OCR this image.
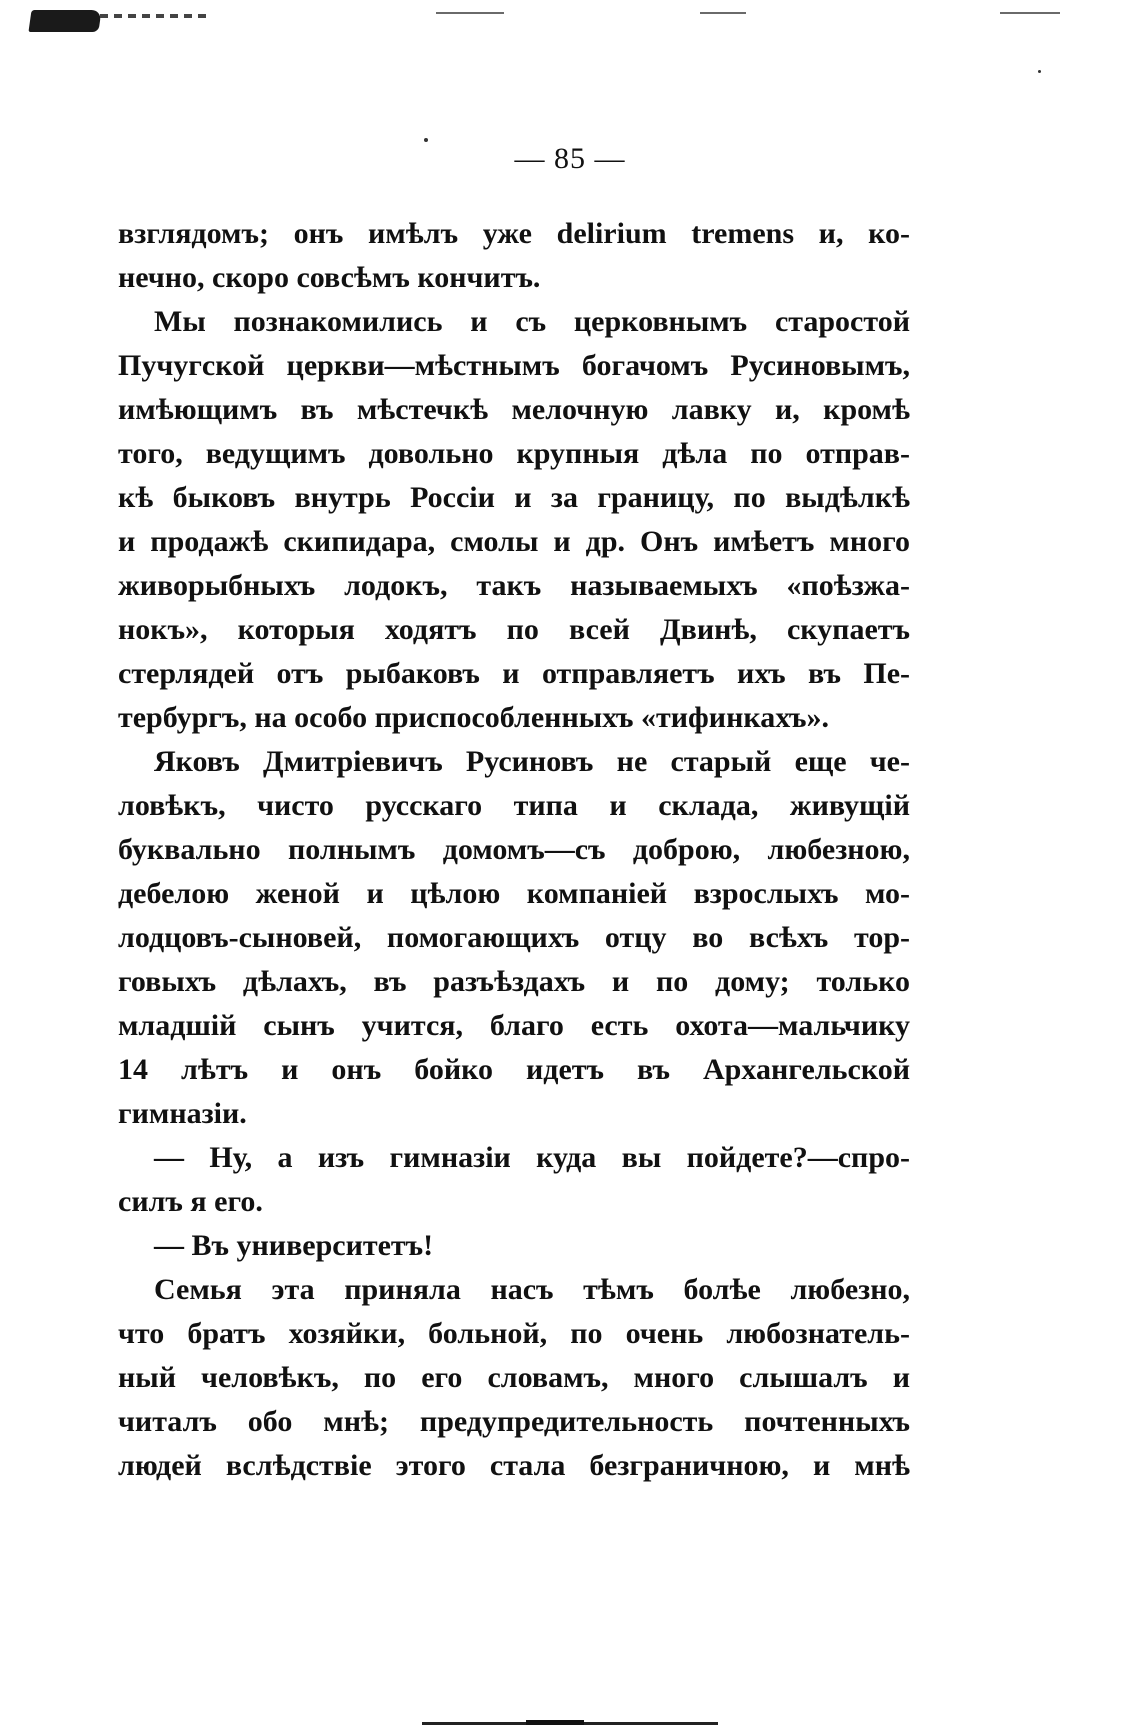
— 85 —
взглядомъ; онъ имѣлъ уже delirium tremens и, ко-
нечно, скоро совсѣмъ кончитъ.
Мы познакомились и съ церковнымъ старостой
Пучугской церкви—мѣстнымъ богачомъ Русиновымъ,
имѣющимъ въ мѣстечкѣ мелочную лавку и, кромѣ
того, ведущимъ довольно крупныя дѣла по отправ-
кѣ быковъ внутрь Россіи и за границу, по выдѣлкѣ
и продажѣ скипидара, смолы и др. Онъ имѣетъ много
живорыбныхъ лодокъ, такъ называемыхъ «поѣзжа-
нокъ», которыя ходятъ по всей Двинѣ, скупаетъ
стерлядей отъ рыбаковъ и отправляетъ ихъ въ Пе-
тербургъ, на особо приспособленныхъ «тифинкахъ».
Яковъ Дмитріевичъ Русиновъ не старый еще че-
ловѣкъ, чисто русскаго типа и склада, живущій
буквально полнымъ домомъ—съ доброю, любезною,
дебелою женой и цѣлою компаніей взрослыхъ мо-
лодцовъ-сыновей, помогающихъ отцу во всѣхъ тор-
говыхъ дѣлахъ, въ разъѣздахъ и по дому; только
младшій сынъ учится, благо есть охота—мальчику
14 лѣтъ и онъ бойко идетъ въ Архангельской
гимназіи.
— Ну, а изъ гимназіи куда вы пойдете?—спро-
силъ я его.
— Въ университетъ!
Семья эта приняла насъ тѣмъ болѣе любезно,
что братъ хозяйки, больной, по очень любознатель-
ный человѣкъ, по его словамъ, много слышалъ и
читалъ обо мнѣ; предупредительность почтенныхъ
людей вслѣдствіе этого стала безграничною, и мнѣ
